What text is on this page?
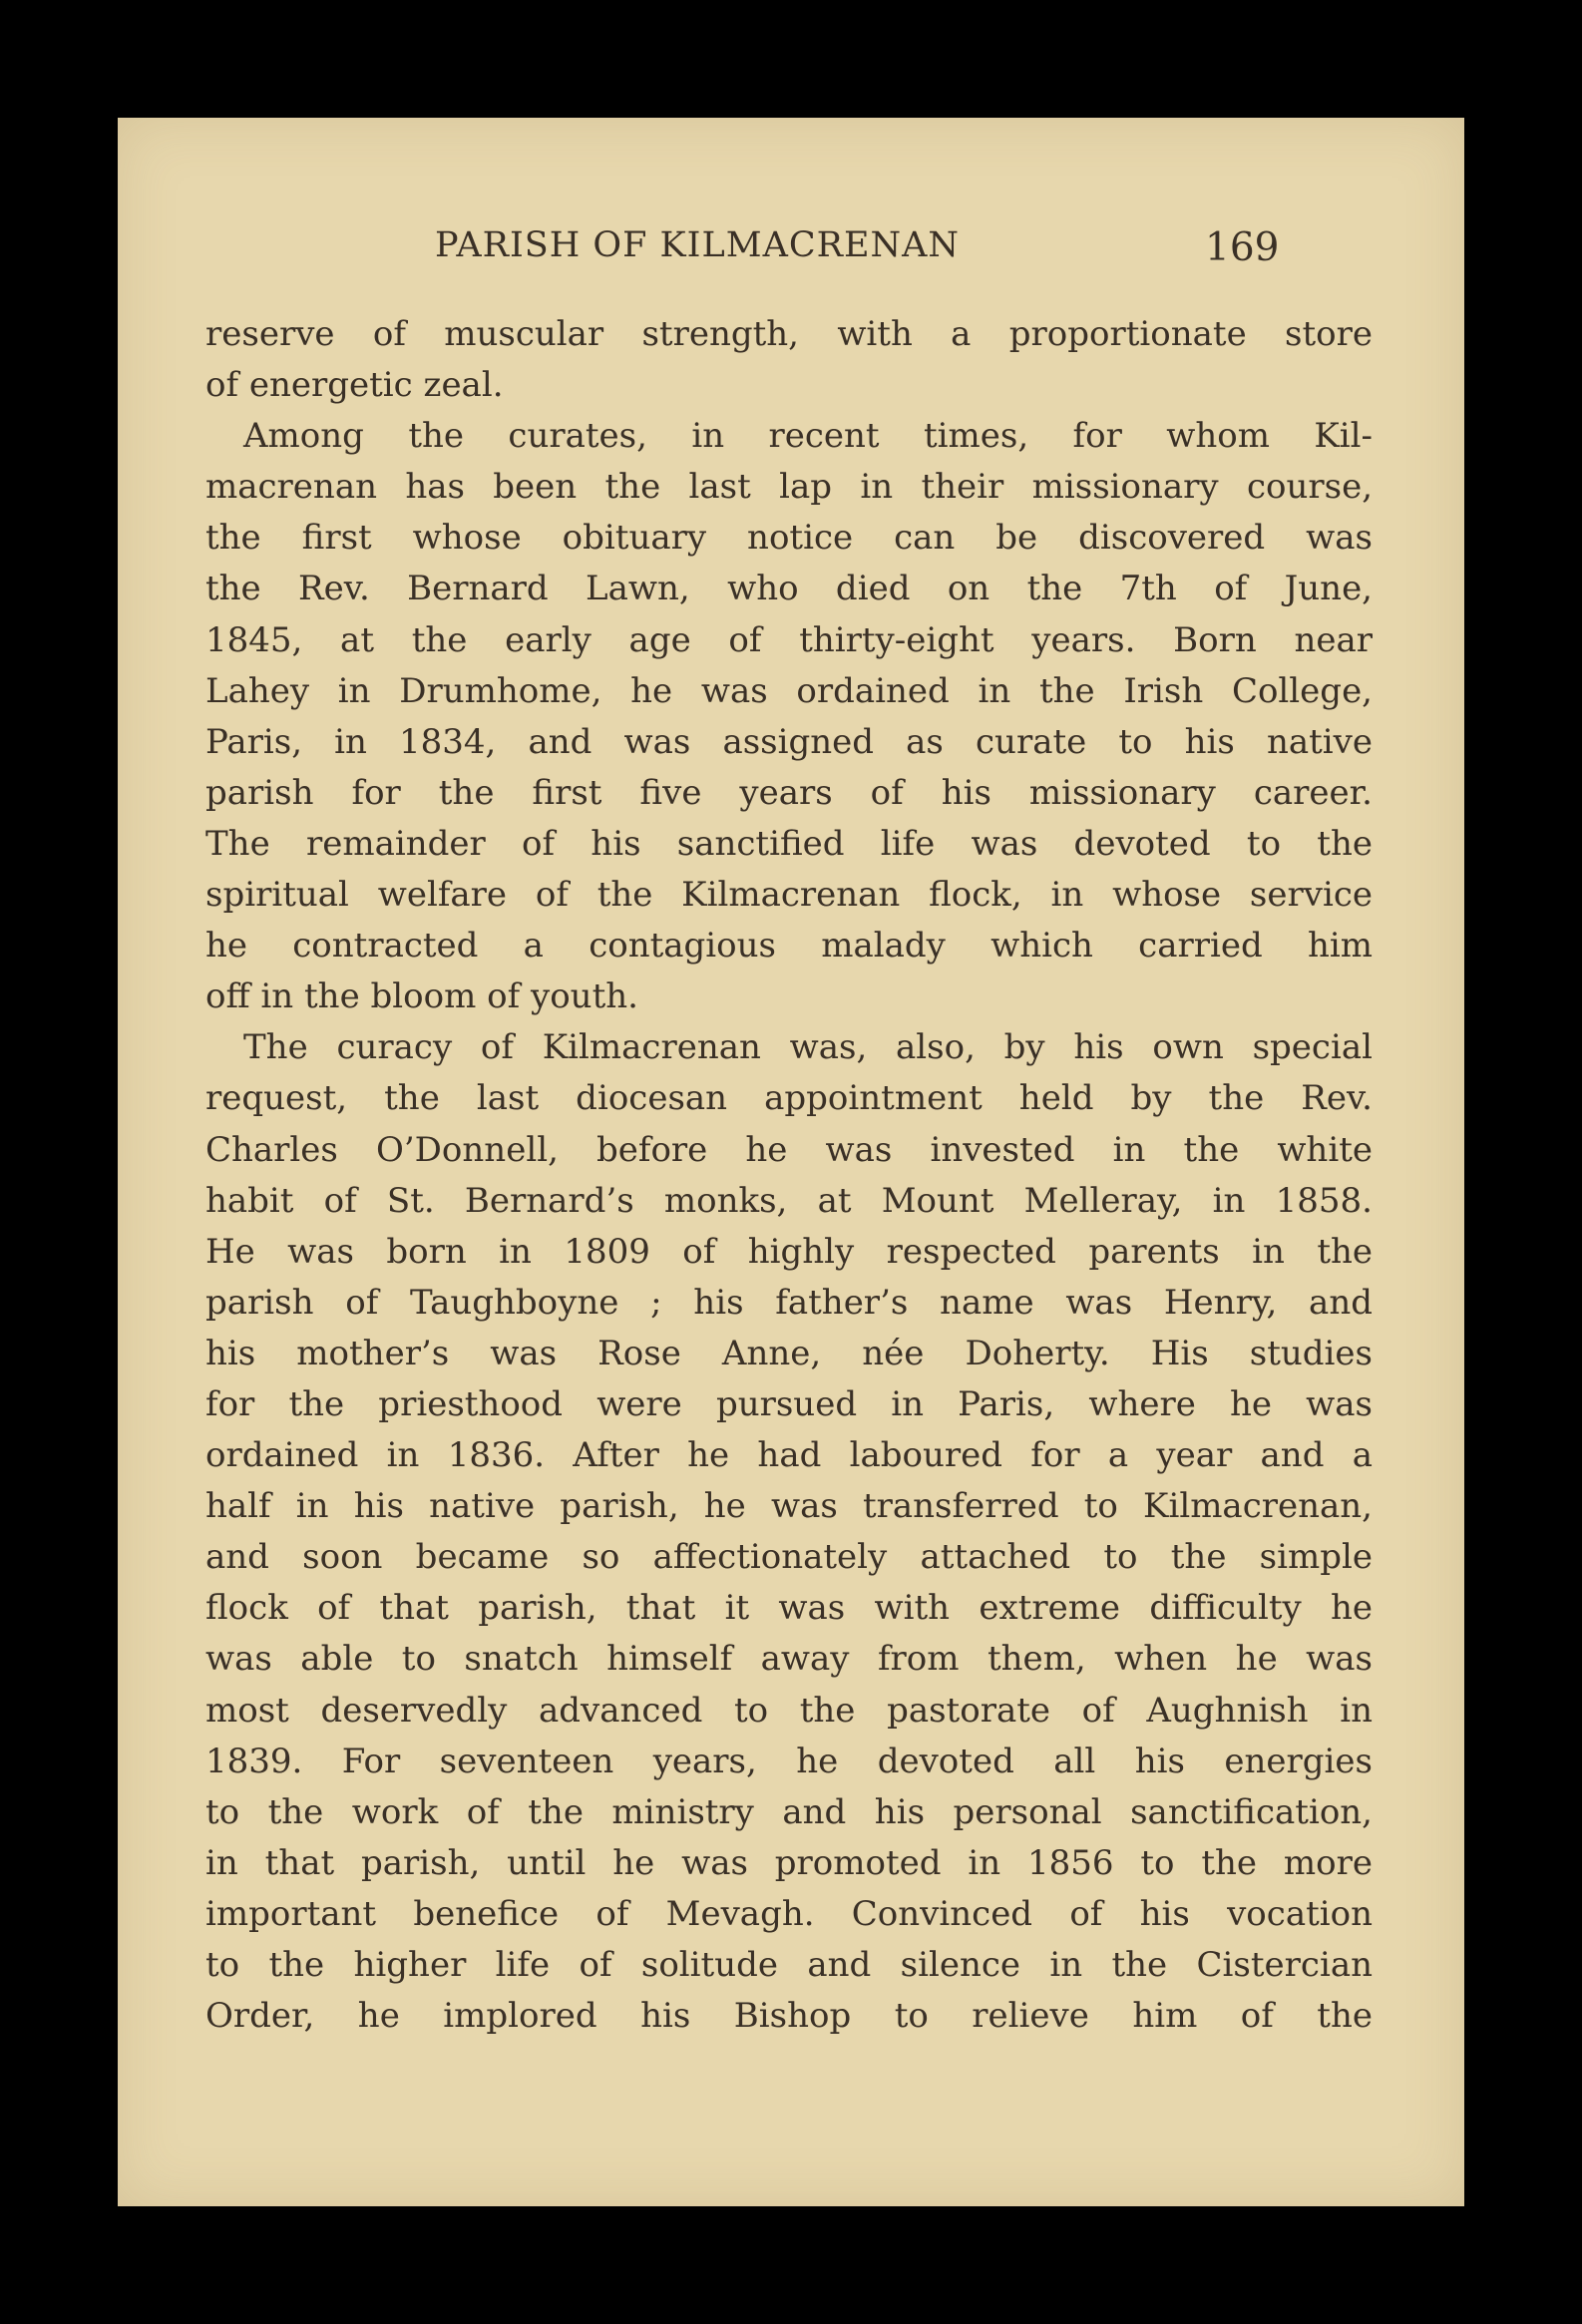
PARISH OF KILMACRENAN	169
reserve of muscular strength, with a proportionate store
of energetic zeal.
Among the curates, in recent times, for whom Kil-
macrenan has been the last lap in their missionary course,
the first whose obituary notice can be discovered was
the Rev. Bernard Lawn, who died on the 7th of June,
1845, at the early age of thirty-eight years. Born near
Lahey in Drumhome, he was ordained in the Irish College,
Paris, in 1834, and was assigned as curate to his native
parish for the first five years of his missionary career.
The remainder of his sanctified life was devoted to the
spiritual welfare of the Kilmacrenan flock, in whose service
he contracted a contagious malady which carried him
off in the bloom of youth.
The curacy of Kilmacrenan was, also, by his own special
request, the last diocesan appointment held by the Rev.
Charles O’Donnell, before he was invested in the white
habit of St. Bernard’s monks, at Mount Melleray, in 1858.
He was born in 1809 of highly respected parents in the
parish of Taughboyne ; his father’s name was Henry, and
his mother’s was Rose Anne, née Doherty. His studies
for the priesthood were pursued in Paris, where he was
ordained in 1836. After he had laboured for a year and a
half in his native parish, he was transferred to Kilmacrenan,
and soon became so affectionately attached to the simple
flock of that parish, that it was with extreme difficulty he
was able to snatch himself away from them, when he was
most deservedly advanced to the pastorate of Aughnish in
1839. For seventeen years, he devoted all his energies
to the work of the ministry and his personal sanctification,
in that parish, until he was promoted in 1856 to the more
important benefice of Mevagh. Convinced of his vocation
to the higher life of solitude and silence in the Cistercian
Order, he implored his Bishop to relieve him of the
